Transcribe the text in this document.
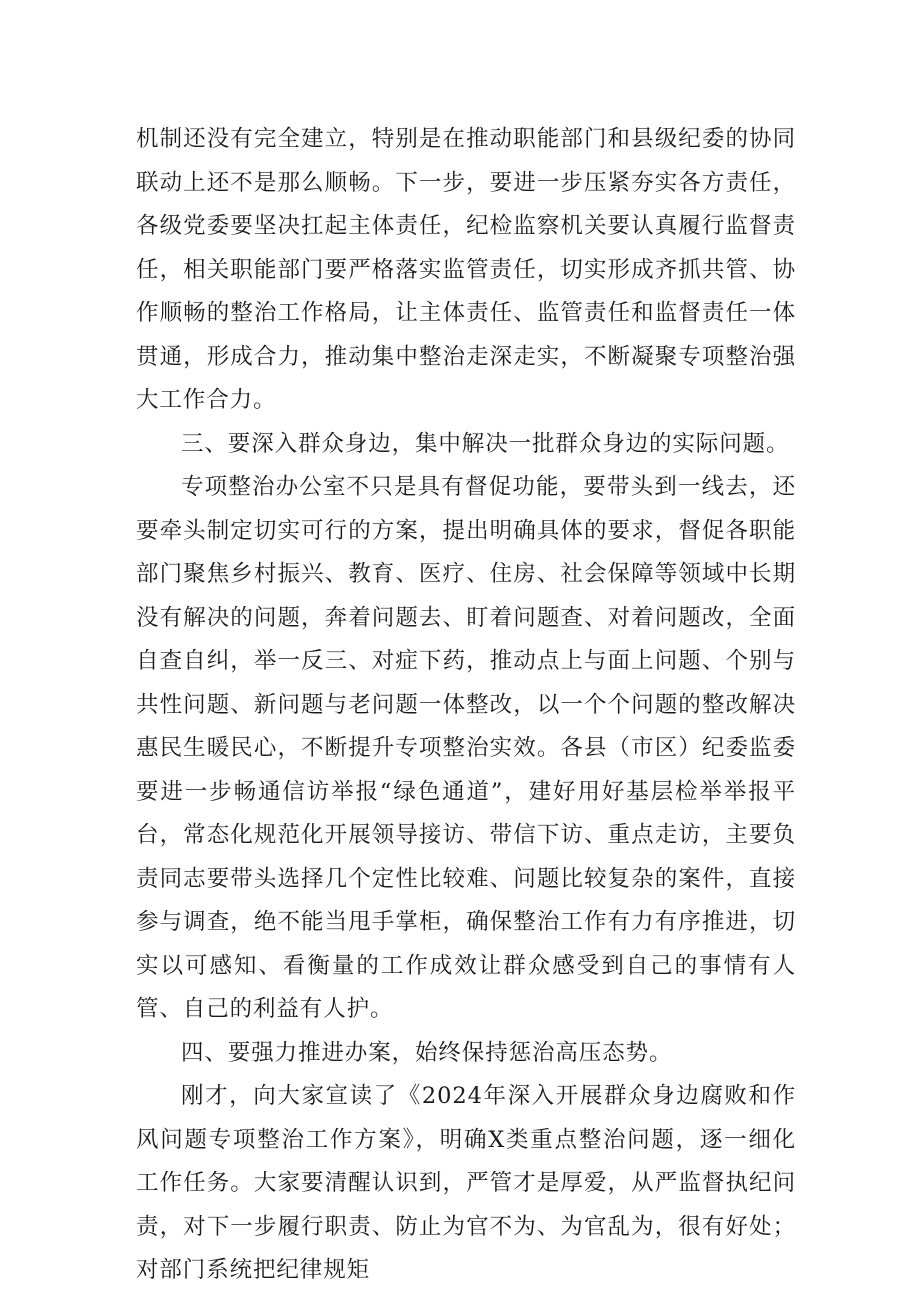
机制还没有完全建立，特别是在推动职能部门和县级纪委的协同联动上还不是那么顺畅。下一步，要进一步压紧夯实各方责任，各级党委要坚决扛起主体责任，纪检监察机关要认真履行监督责任，相关职能部门要严格落实监管责任，切实形成齐抓共管、协作顺畅的整治工作格局，让主体责任、监管责任和监督责任一体贯通，形成合力，推动集中整治走深走实，不断凝聚专项整治强大工作合力。

三、要深入群众身边，集中解决一批群众身边的实际问题。

专项整治办公室不只是具有督促功能，要带头到一线去，还要牵头制定切实可行的方案，提出明确具体的要求，督促各职能部门聚焦乡村振兴、教育、医疗、住房、社会保障等领域中长期没有解决的问题，奔着问题去、盯着问题查、对着问题改，全面自查自纠，举一反三、对症下药，推动点上与面上问题、个别与共性问题、新问题与老问题一体整改，以一个个问题的整改解决惠民生暖民心，不断提升专项整治实效。各县（市区）纪委监委要进一步畅通信访举报“绿色通道”，建好用好基层检举举报平台，常态化规范化开展领导接访、带信下访、重点走访，主要负责同志要带头选择几个定性比较难、问题比较复杂的案件，直接参与调查，绝不能当甩手掌柜，确保整治工作有力有序推进，切实以可感知、看衡量的工作成效让群众感受到自己的事情有人管、自己的利益有人护。

四、要强力推进办案，始终保持惩治高压态势。

刚才，向大家宣读了《2024年深入开展群众身边腐败和作风问题专项整治工作方案》，明确X类重点整治问题，逐一细化工作任务。大家要清醒认识到，严管才是厚爱，从严监督执纪问责，对下一步履行职责、防止为官不为、为官乱为，很有好处；对部门系统把纪律规矩
